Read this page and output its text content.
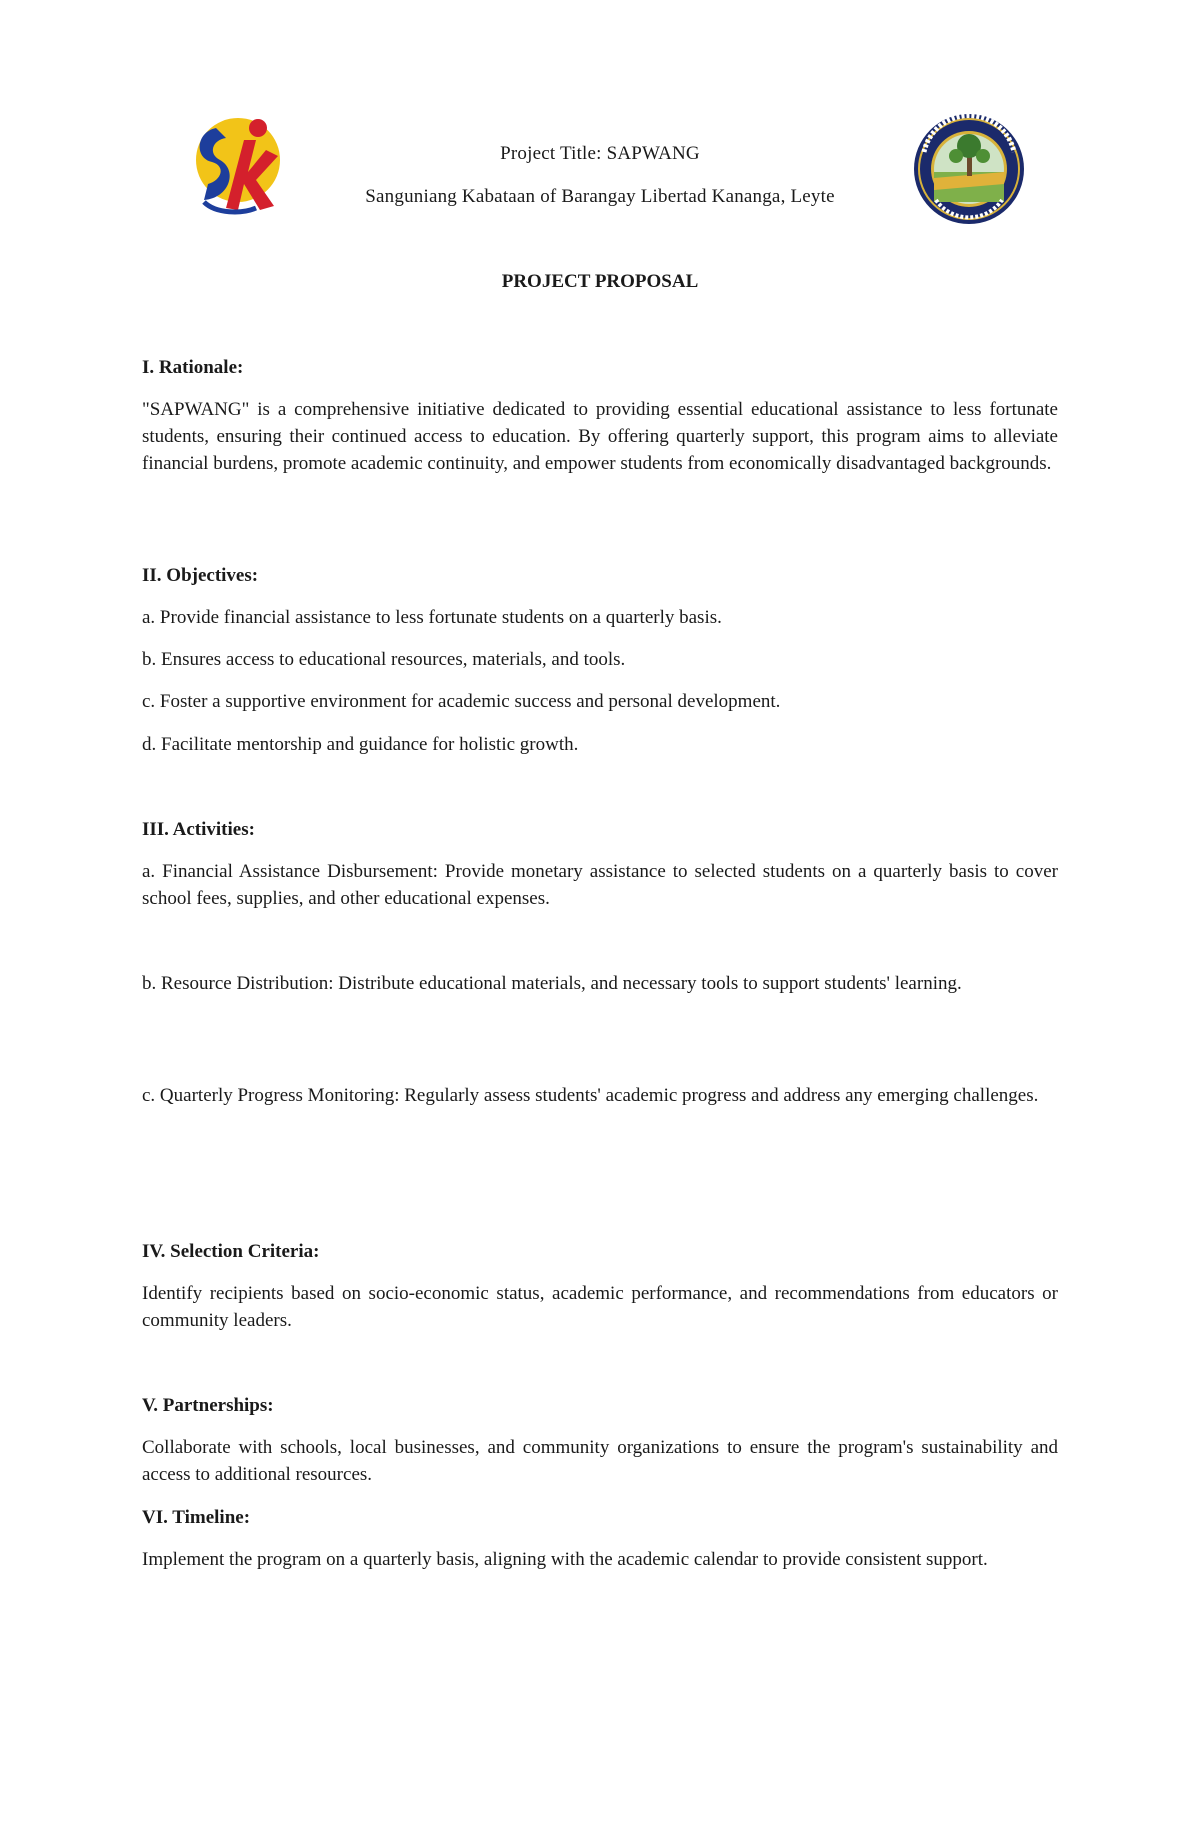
Project Title: SAPWANG
Sanguniang Kabataan of Barangay Libertad Kananga, Leyte
PROJECT PROPOSAL
I. Rationale:
"SAPWANG" is a comprehensive initiative dedicated to providing essential educational assistance to less fortunate students, ensuring their continued access to education. By offering quarterly support, this program aims to alleviate financial burdens, promote academic continuity, and empower students from economically disadvantaged backgrounds.
II. Objectives:
a. Provide financial assistance to less fortunate students on a quarterly basis.
b. Ensures access to educational resources, materials, and tools.
c. Foster a supportive environment for academic success and personal development.
d. Facilitate mentorship and guidance for holistic growth.
III. Activities:
a. Financial Assistance Disbursement: Provide monetary assistance to selected students on a quarterly basis to cover school fees, supplies, and other educational expenses.
b. Resource Distribution: Distribute educational materials, and necessary tools to support students' learning.
c. Quarterly Progress Monitoring: Regularly assess students' academic progress and address any emerging challenges.
IV. Selection Criteria:
Identify recipients based on socio-economic status, academic performance, and recommendations from educators or community leaders.
V. Partnerships:
Collaborate with schools, local businesses, and community organizations to ensure the program's sustainability and access to additional resources.
VI. Timeline:
Implement the program on a quarterly basis, aligning with the academic calendar to provide consistent support.
